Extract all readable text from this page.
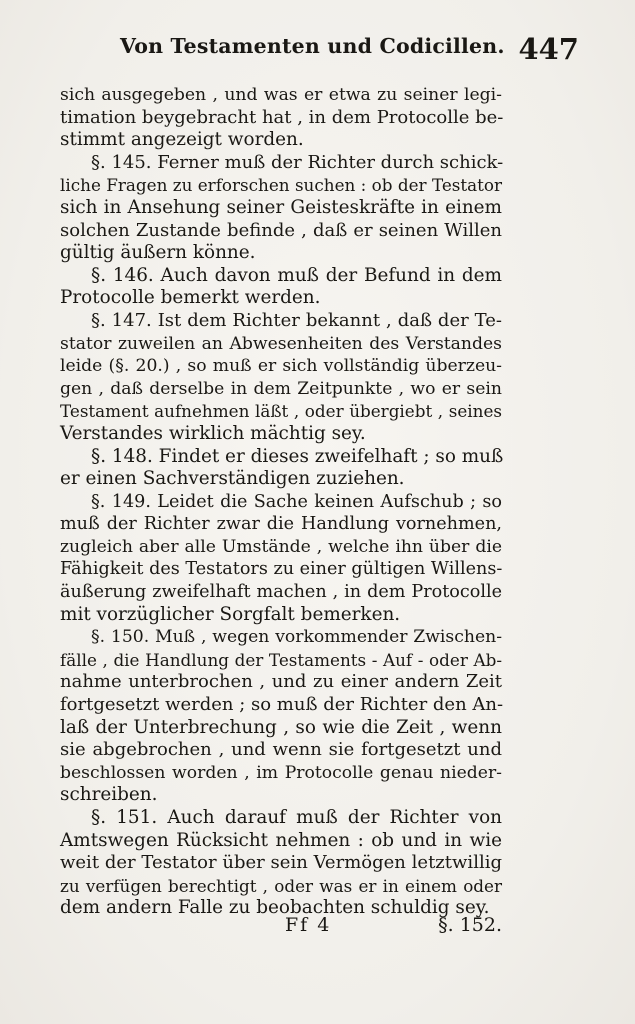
Von Testamenten und Codicillen. 447
sich ausgegeben , und was er etwa zu seiner legi-
timation beygebracht hat , in dem Protocolle be-
stimmt angezeigt worden.
§. 145. Ferner muß der Richter durch schick-
liche Fragen zu erforschen suchen : ob der Testator
sich in Ansehung seiner Geisteskräfte in einem
solchen Zustande befinde , daß er seinen Willen
gültig äußern könne.
§. 146. Auch davon muß der Befund in dem
Protocolle bemerkt werden.
§. 147. Ist dem Richter bekannt , daß der Te-
stator zuweilen an Abwesenheiten des Verstandes
leide (§. 20.) , so muß er sich vollständig überzeu-
gen , daß derselbe in dem Zeitpunkte , wo er sein
Testament aufnehmen läßt , oder übergiebt , seines
Verstandes wirklich mächtig sey.
§. 148. Findet er dieses zweifelhaft ; so muß
er einen Sachverständigen zuziehen.
§. 149. Leidet die Sache keinen Aufschub ; so
muß der Richter zwar die Handlung vornehmen,
zugleich aber alle Umstände , welche ihn über die
Fähigkeit des Testators zu einer gültigen Willens-
äußerung zweifelhaft machen , in dem Protocolle
mit vorzüglicher Sorgfalt bemerken.
§. 150. Muß , wegen vorkommender Zwischen-
fälle , die Handlung der Testaments - Auf - oder Ab-
nahme unterbrochen , und zu einer andern Zeit
fortgesetzt werden ; so muß der Richter den An-
laß der Unterbrechung , so wie die Zeit , wenn
sie abgebrochen , und wenn sie fortgesetzt und
beschlossen worden , im Protocolle genau nieder-
schreiben.
§. 151. Auch darauf muß der Richter von
Amtswegen Rücksicht nehmen : ob und in wie
weit der Testator über sein Vermögen letztwillig
zu verfügen berechtigt , oder was er in einem oder
dem andern Falle zu beobachten schuldig sey.
Ff 4	§. 152.
